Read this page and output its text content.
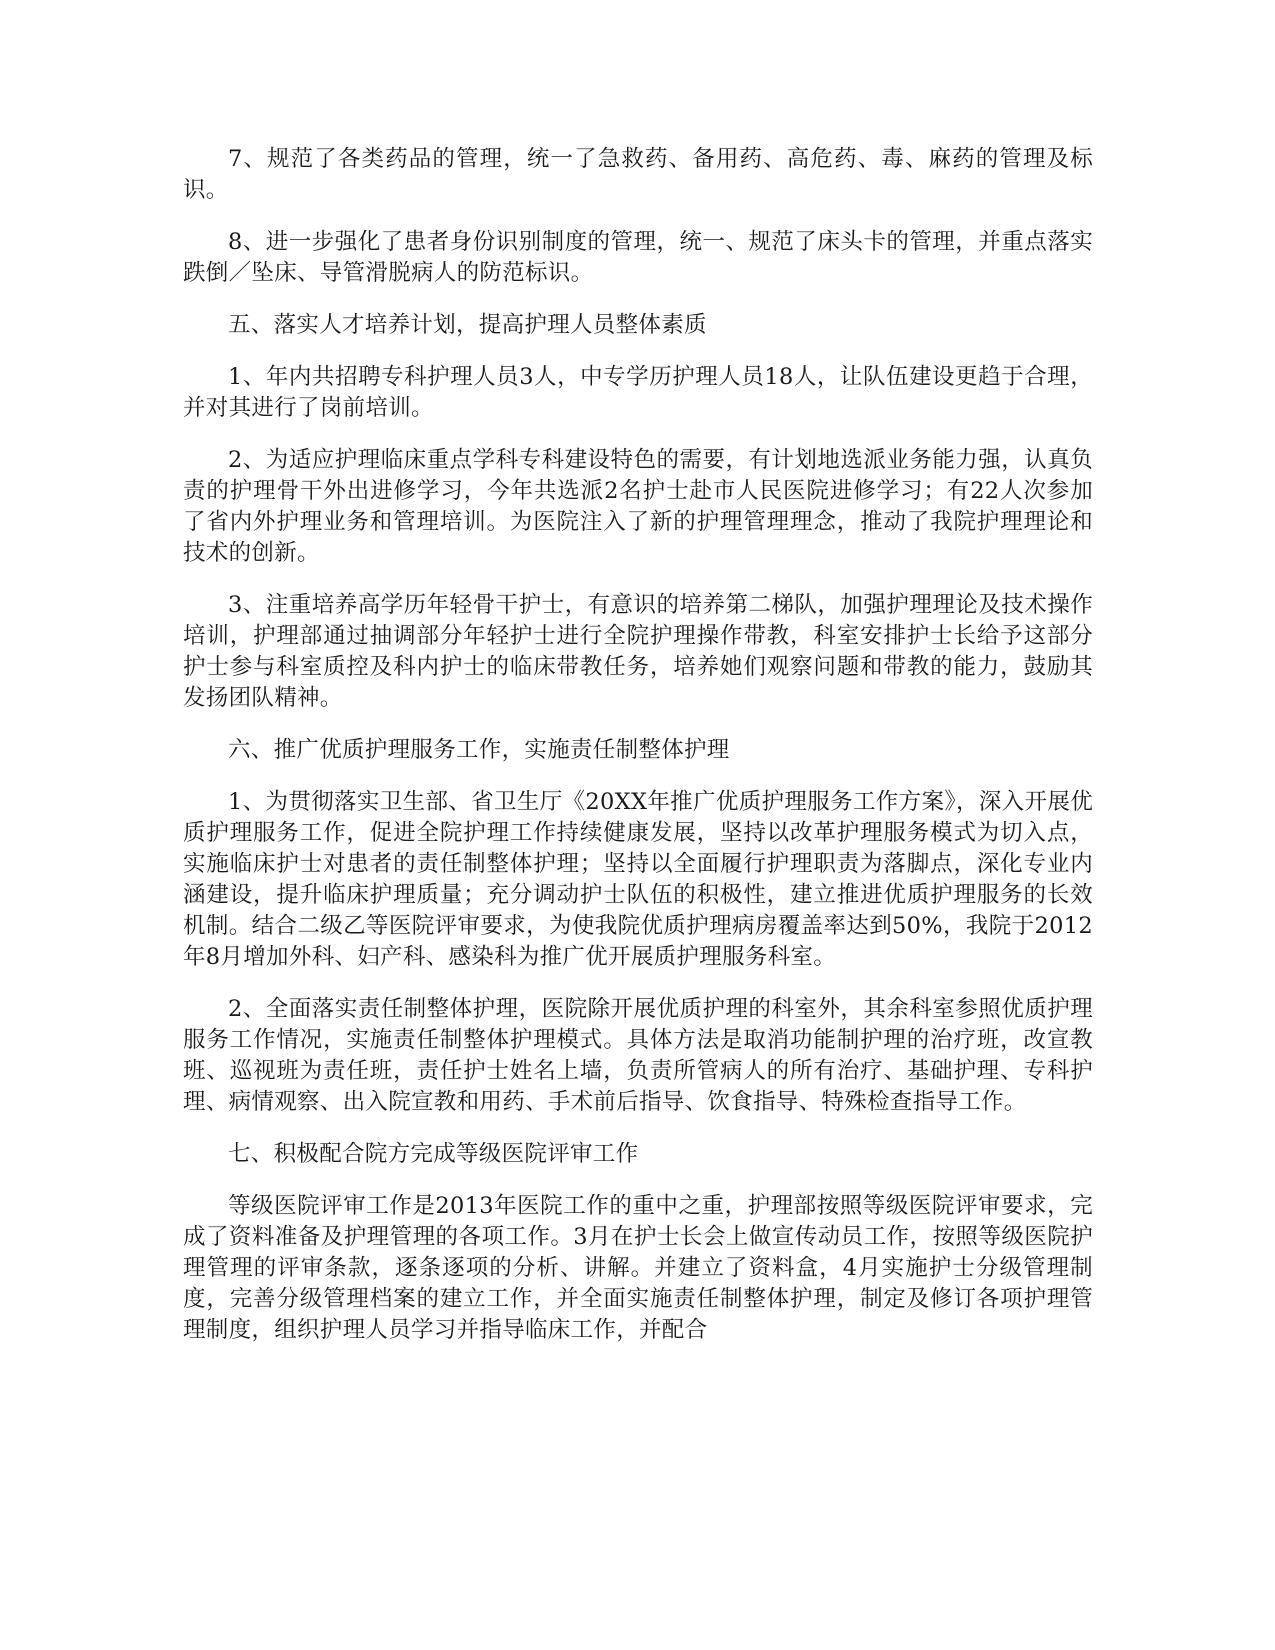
7、规范了各类药品的管理，统一了急救药、备用药、高危药、毒、麻药的管理及标识。

8、进一步强化了患者身份识别制度的管理，统一、规范了床头卡的管理，并重点落实跌倒／坠床、导管滑脱病人的防范标识。

五、落实人才培养计划，提高护理人员整体素质

1、年内共招聘专科护理人员3人，中专学历护理人员18人，让队伍建设更趋于合理，并对其进行了岗前培训。

2、为适应护理临床重点学科专科建设特色的需要，有计划地选派业务能力强，认真负责的护理骨干外出进修学习，今年共选派2名护士赴市人民医院进修学习；有22人次参加了省内外护理业务和管理培训。为医院注入了新的护理管理理念，推动了我院护理理论和技术的创新。

3、注重培养高学历年轻骨干护士，有意识的培养第二梯队，加强护理理论及技术操作培训，护理部通过抽调部分年轻护士进行全院护理操作带教，科室安排护士长给予这部分护士参与科室质控及科内护士的临床带教任务，培养她们观察问题和带教的能力，鼓励其发扬团队精神。

六、推广优质护理服务工作，实施责任制整体护理

1、为贯彻落实卫生部、省卫生厅《20XX年推广优质护理服务工作方案》，深入开展优质护理服务工作，促进全院护理工作持续健康发展，坚持以改革护理服务模式为切入点，实施临床护士对患者的责任制整体护理；坚持以全面履行护理职责为落脚点，深化专业内涵建设，提升临床护理质量；充分调动护士队伍的积极性，建立推进优质护理服务的长效机制。结合二级乙等医院评审要求，为使我院优质护理病房覆盖率达到50%，我院于2012年8月增加外科、妇产科、感染科为推广优开展质护理服务科室。

2、全面落实责任制整体护理，医院除开展优质护理的科室外，其余科室参照优质护理服务工作情况，实施责任制整体护理模式。具体方法是取消功能制护理的治疗班，改宣教班、巡视班为责任班，责任护士姓名上墙，负责所管病人的所有治疗、基础护理、专科护理、病情观察、出入院宣教和用药、手术前后指导、饮食指导、特殊检查指导工作。

七、积极配合院方完成等级医院评审工作

等级医院评审工作是2013年医院工作的重中之重，护理部按照等级医院评审要求，完成了资料准备及护理管理的各项工作。3月在护士长会上做宣传动员工作，按照等级医院护理管理的评审条款，逐条逐项的分析、讲解。并建立了资料盒，4月实施护士分级管理制度，完善分级管理档案的建立工作，并全面实施责任制整体护理，制定及修订各项护理管理制度，组织护理人员学习并指导临床工作，并配合
